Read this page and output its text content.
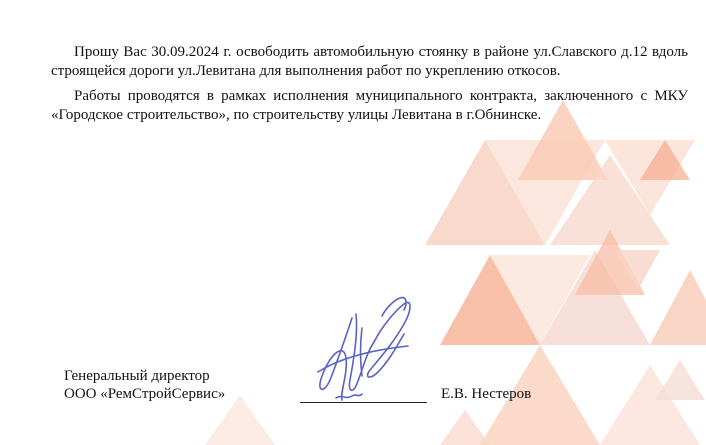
Прошу Вас 30.09.2024 г. освободить автомобильную стоянку в районе ул.Славского д.12 вдоль строящейся дороги ул.Левитана для выполнения работ по укреплению откосов.

Работы проводятся в рамках исполнения муниципального контракта, заключенного с МКУ «Городское строительство», по строительству улицы Левитана в г.Обнинске.

Генеральный директор
ООО «РемСтройСервис»	Е.В. Нестеров
